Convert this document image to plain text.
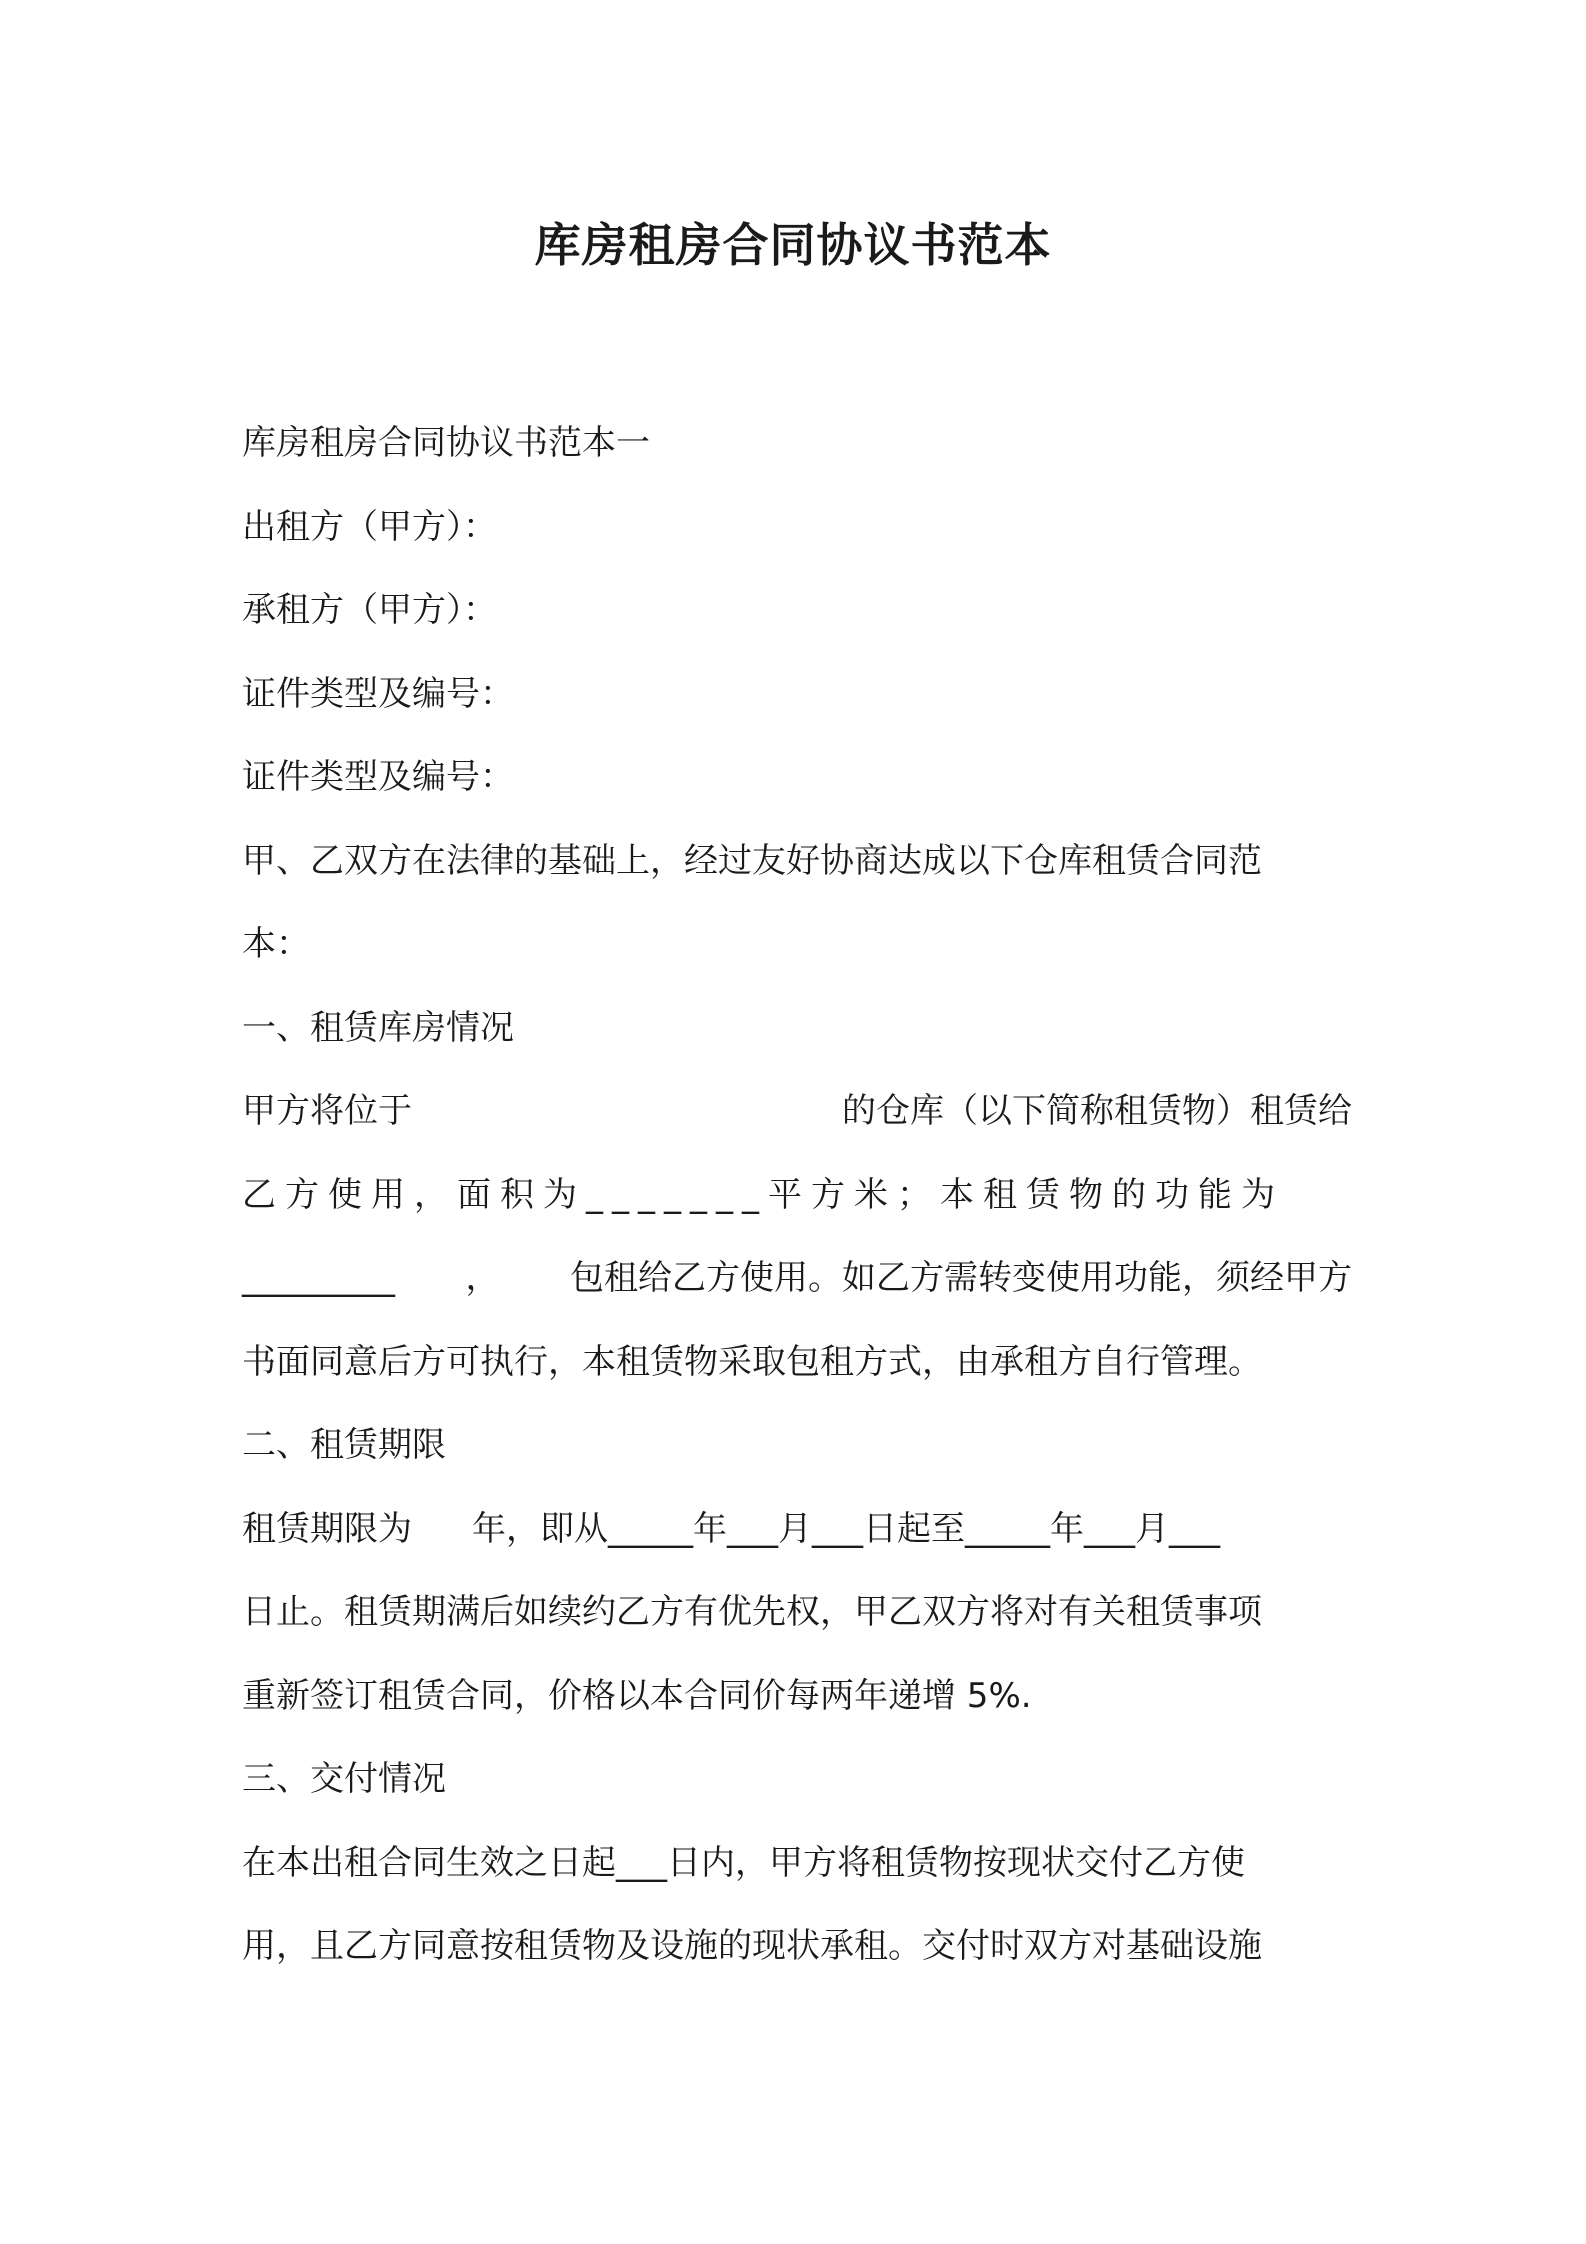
库房租房合同协议书范本
库房租房合同协议书范本一
出租方（甲方）：
承租方（甲方）：
证件类型及编号：
证件类型及编号：
甲、乙双方在法律的基础上，经过友好协商达成以下仓库租赁合同范
本：
一、租赁库房情况
甲方将位于	的仓库（以下简称租赁物）租赁给
乙方使用，面积为_______平方米；本租赁物的功能为
_________ ， 包租给乙方使用。如乙方需转变使用功能，须经甲方
书面同意后方可执行，本租赁物采取包租方式，由承租方自行管理。
二、租赁期限
租赁期限为 年，即从_____年___月___日起至_____年___月___
日止。租赁期满后如续约乙方有优先权，甲乙双方将对有关租赁事项
重新签订租赁合同，价格以本合同价每两年递增 5%.
三、交付情况
在本出租合同生效之日起___日内，甲方将租赁物按现状交付乙方使
用，且乙方同意按租赁物及设施的现状承租。交付时双方对基础设施
